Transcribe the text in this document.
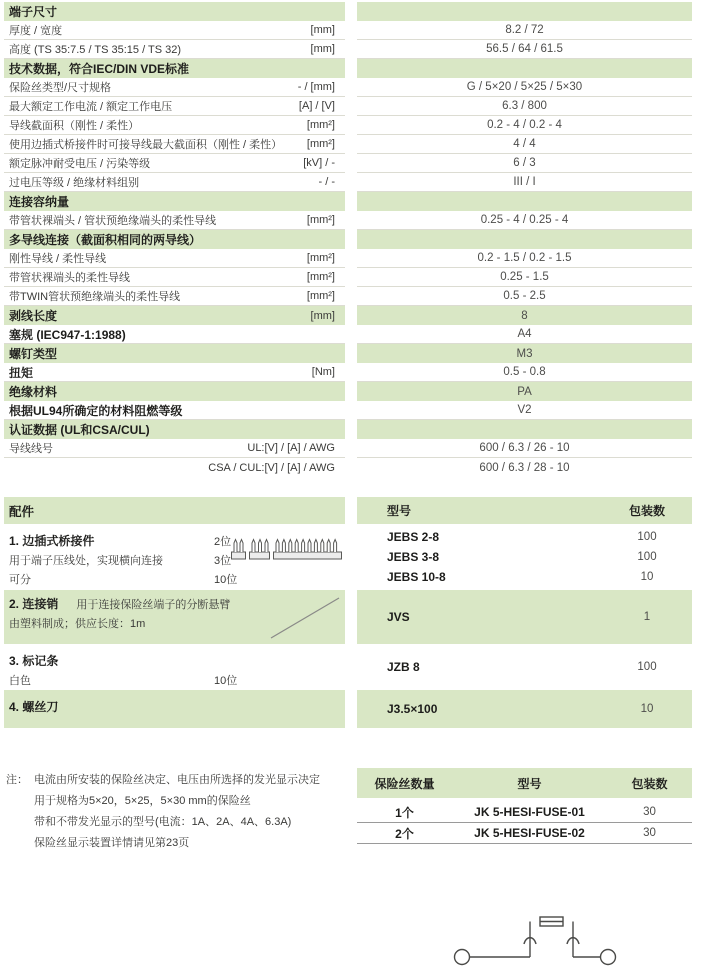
端子尺寸
厚度 / 宽度	[mm]	8.2 / 72
高度 (TS 35:7.5 / TS 35:15 / TS 32)	[mm]	56.5 / 64 / 61.5
技术数据，符合IEC/DIN VDE标准
保险丝类型/尺寸规格	- / [mm]	G / 5×20 / 5×25 / 5×30
最大额定工作电流 / 额定工作电压	[A] / [V]	6.3 / 800
导线截面积（刚性 / 柔性）	[mm²]	0.2 - 4 / 0.2 - 4
使用边插式桥接件时可接导线最大截面积（刚性 / 柔性） [mm²]	4 / 4
额定脉冲耐受电压 / 污染等级	[kV] / -	6 / 3
过电压等级 / 绝缘材料组别	- / -	III / I
连接容纳量
带管状裸端头 / 管状预绝缘端头的柔性导线	[mm²]	0.25 - 4 / 0.25 - 4
多导线连接（截面积相同的两导线）
刚性导线 / 柔性导线	[mm²]	0.2 - 1.5 / 0.2 - 1.5
带管状裸端头的柔性导线	[mm²]	0.25 - 1.5
带TWIN管状预绝缘端头的柔性导线	[mm²]	0.5 - 2.5
剥线长度	[mm]	8
塞规 (IEC947-1:1988)	A4
螺钉类型	M3
扭矩	[Nm]	0.5 - 0.8
绝缘材料	PA
根据UL94所确定的材料阻燃等级	V2
认证数据 (UL和CSA/CUL)
导线线号	UL:[V] / [A] / AWG	600 / 6.3 / 26 - 10
CSA / CUL:[V] / [A] / AWG	600 / 6.3 / 28 - 10
配件
1. 边插式桥接件	2位
用于端子压线处，实现横向连接	3位
可分	10位
2. 连接销 用于连接保险丝端子的分断悬臂
由塑料制成；供应长度：1m
3. 标记条
白色	10位
4. 螺丝刀
型号	包装数
JEBS 2-8	100
JEBS 3-8	100
JEBS 10-8	10
JVS	1
JZB 8	100
J3.5×100	10
注： 电流由所安装的保险丝决定、电压由所选择的发光显示决定
用于规格为5×20，5×25，5×30 mm的保险丝
带和不带发光显示的型号(电流：1A、2A、4A、6.3A)
保险丝显示装置详情请见第23页
保险丝数量	型号	包装数
1个	JK 5-HESI-FUSE-01	30
2个	JK 5-HESI-FUSE-02	30
